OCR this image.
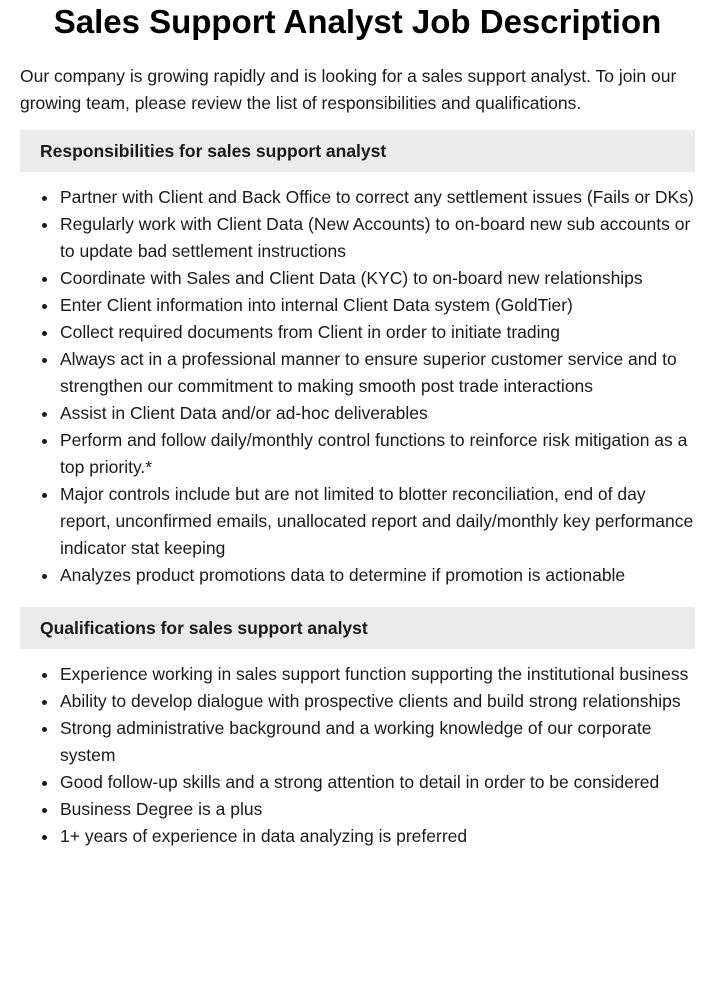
Sales Support Analyst Job Description

Our company is growing rapidly and is looking for a sales support analyst. To join our growing team, please review the list of responsibilities and qualifications.

Responsibilities for sales support analyst
Partner with Client and Back Office to correct any settlement issues (Fails or DKs)
Regularly work with Client Data (New Accounts) to on-board new sub accounts or to update bad settlement instructions
Coordinate with Sales and Client Data (KYC) to on-board new relationships
Enter Client information into internal Client Data system (GoldTier)
Collect required documents from Client in order to initiate trading
Always act in a professional manner to ensure superior customer service and to strengthen our commitment to making smooth post trade interactions
Assist in Client Data and/or ad-hoc deliverables
Perform and follow daily/monthly control functions to reinforce risk mitigation as a top priority.*
Major controls include but are not limited to blotter reconciliation, end of day report, unconfirmed emails, unallocated report and daily/monthly key performance indicator stat keeping
Analyzes product promotions data to determine if promotion is actionable
Qualifications for sales support analyst
Experience working in sales support function supporting the institutional business
Ability to develop dialogue with prospective clients and build strong relationships
Strong administrative background and a working knowledge of our corporate system
Good follow-up skills and a strong attention to detail in order to be considered
Business Degree is a plus
1+ years of experience in data analyzing is preferred
